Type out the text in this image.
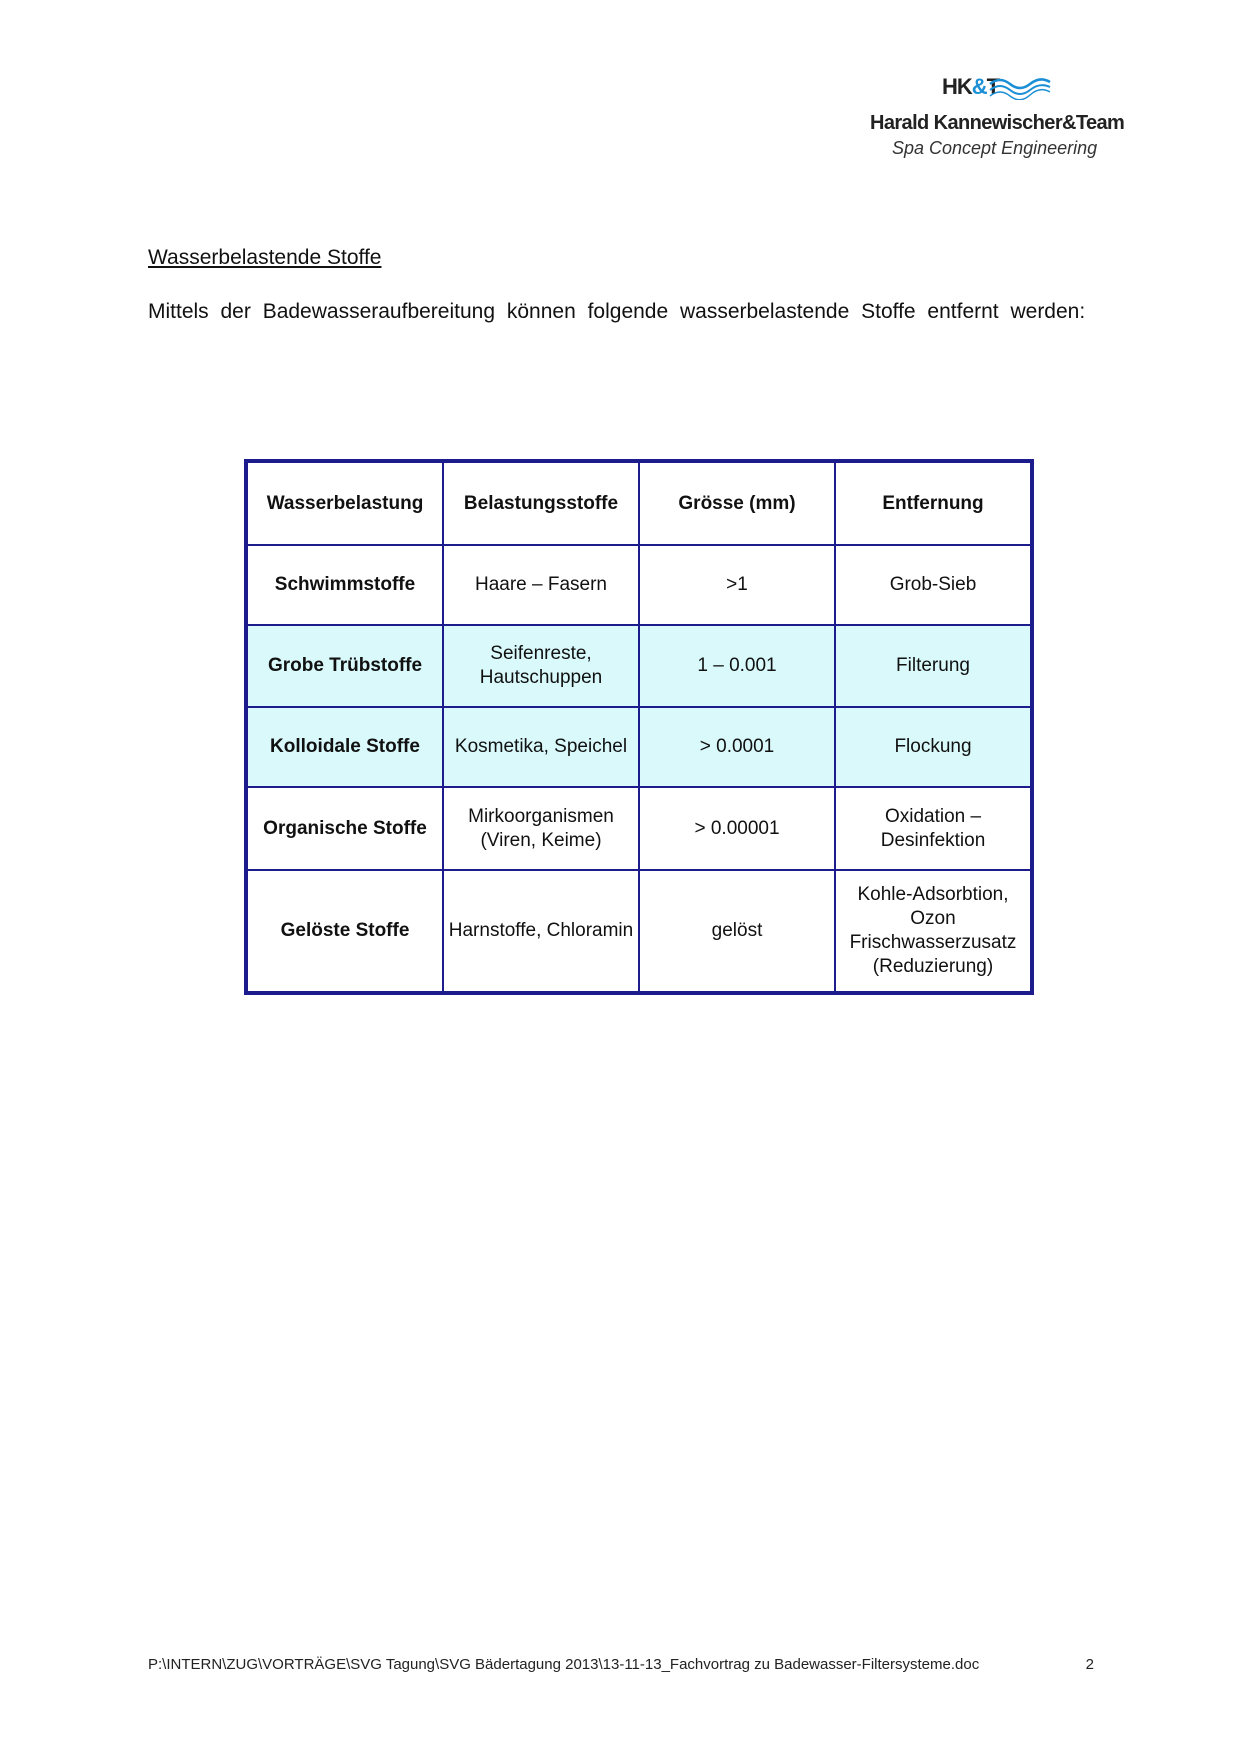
HK&T
Harald Kannewischer&Team
Spa Concept Engineering
Wasserbelastende Stoffe
Mittels der Badewasseraufbereitung können folgende wasserbelastende Stoffe entfernt werden:
Wasserbelastung	Belastungsstoffe	Grösse (mm)	Entfernung
Schwimmstoffe	Haare – Fasern	>1	Grob-Sieb
Grobe Trübstoffe	Seifenreste, Hautschuppen	1 – 0.001	Filterung
Kolloidale Stoffe	Kosmetika, Speichel	> 0.0001	Flockung
Organische Stoffe	Mirkoorganismen (Viren, Keime)	> 0.00001	Oxidation – Desinfektion
Gelöste Stoffe	Harnstoffe, Chloramin	gelöst	Kohle-Adsorbtion, Ozon Frischwasserzusatz (Reduzierung)
P:\INTERN\ZUG\VORTRÄGE\SVG Tagung\SVG Bädertagung 2013\13-11-13_Fachvortrag zu Badewasser-Filtersysteme.doc	2
